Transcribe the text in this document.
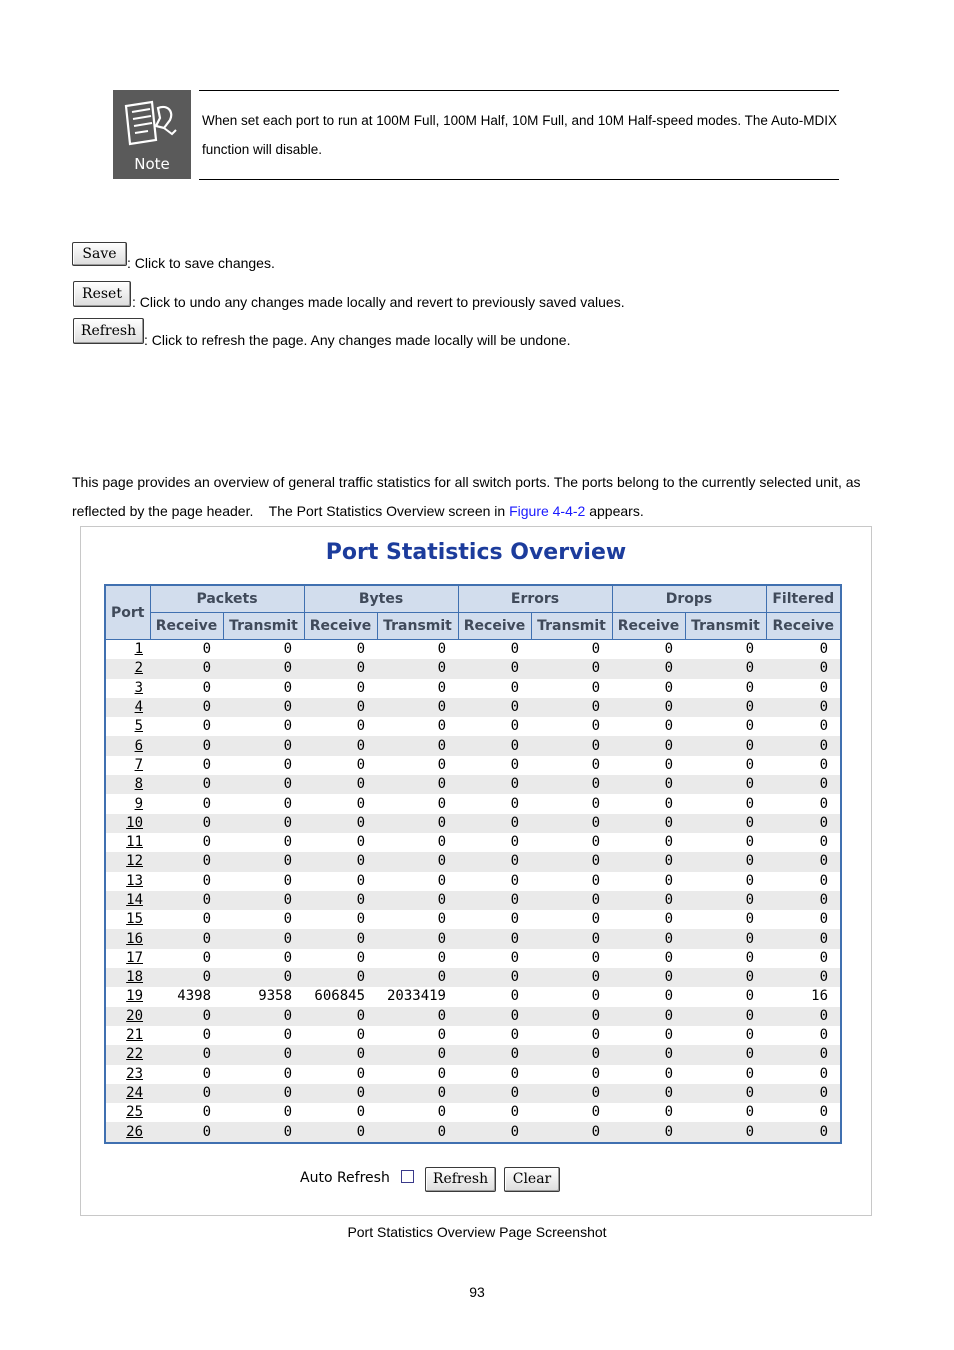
Note
When set each port to run at 100M Full, 100M Half, 10M Full, and 10M Half-speed modes. The Auto-MDIX function will disable.
Save
: Click to save changes.
Reset
: Click to undo any changes made locally and revert to previously saved values.
Refresh
: Click to refresh the page. Any changes made locally will be undone.
This page provides an overview of general traffic statistics for all switch ports. The ports belong to the currently selected unit, as
reflected by the page header.    The Port Statistics Overview screen in Figure 4-4-2 appears.
Port Statistics Overview
Port	Packets		Bytes		Errors		Drops		Filtered
	Receive	Transmit	Receive	Transmit	Receive	Transmit	Receive	Transmit	Receive
1	0	0	0	0	0	0	0	0	0
2	0	0	0	0	0	0	0	0	0
3	0	0	0	0	0	0	0	0	0
4	0	0	0	0	0	0	0	0	0
5	0	0	0	0	0	0	0	0	0
6	0	0	0	0	0	0	0	0	0
7	0	0	0	0	0	0	0	0	0
8	0	0	0	0	0	0	0	0	0
9	0	0	0	0	0	0	0	0	0
10	0	0	0	0	0	0	0	0	0
11	0	0	0	0	0	0	0	0	0
12	0	0	0	0	0	0	0	0	0
13	0	0	0	0	0	0	0	0	0
14	0	0	0	0	0	0	0	0	0
15	0	0	0	0	0	0	0	0	0
16	0	0	0	0	0	0	0	0	0
17	0	0	0	0	0	0	0	0	0
18	0	0	0	0	0	0	0	0	0
19	4398	9358	606845	2033419	0	0	0	0	16
20	0	0	0	0	0	0	0	0	0
21	0	0	0	0	0	0	0	0	0
22	0	0	0	0	0	0	0	0	0
23	0	0	0	0	0	0	0	0	0
24	0	0	0	0	0	0	0	0	0
25	0	0	0	0	0	0	0	0	0
26	0	0	0	0	0	0	0	0	0
Auto Refresh	Refresh	Clear
Port Statistics Overview Page Screenshot
93
